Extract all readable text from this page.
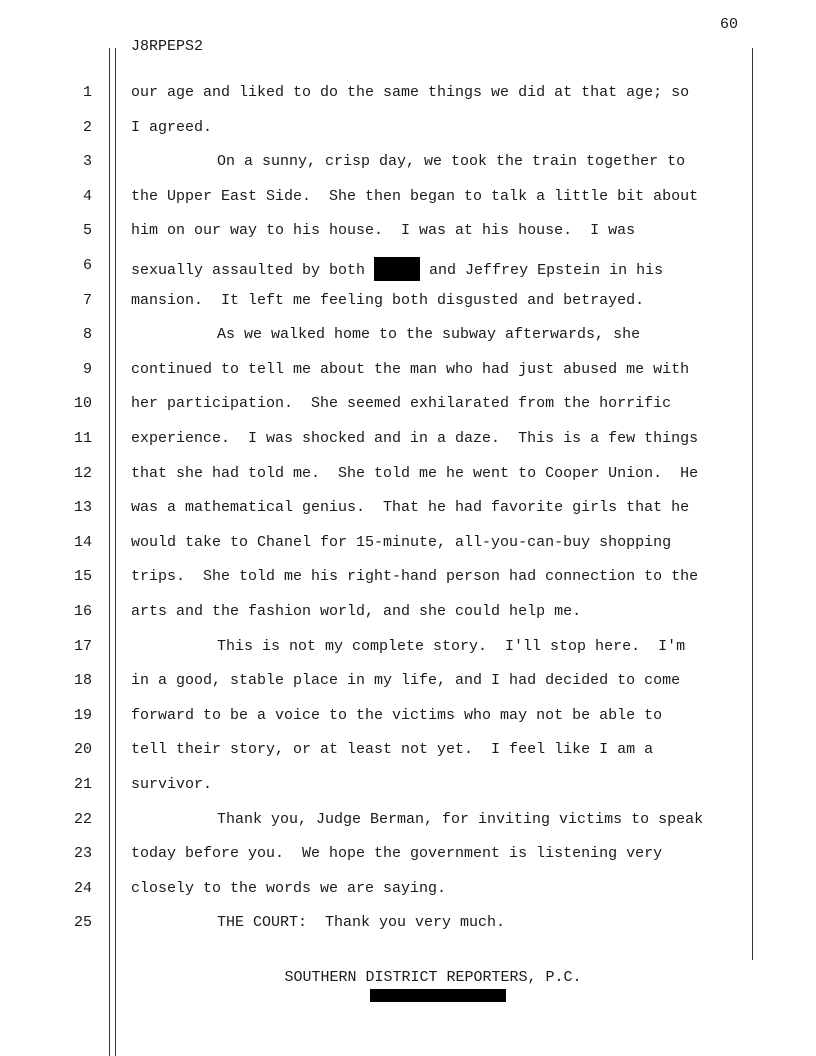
60
J8RPEPS2
1	our age and liked to do the same things we did at that age; so
2	I agreed.
3	On a sunny, crisp day, we took the train together to
4	the Upper East Side.  She then began to talk a little bit about
5	him on our way to his house.  I was at his house.  I was
6	sexually assaulted by both	and Jeffrey Epstein in his
7	mansion.  It left me feeling both disgusted and betrayed.
8	As we walked home to the subway afterwards, she
9	continued to tell me about the man who had just abused me with
10	her participation.  She seemed exhilarated from the horrific
11	experience.  I was shocked and in a daze.  This is a few things
12	that she had told me.  She told me he went to Cooper Union.  He
13	was a mathematical genius.  That he had favorite girls that he
14	would take to Chanel for 15-minute, all-you-can-buy shopping
15	trips.  She told me his right-hand person had connection to the
16	arts and the fashion world, and she could help me.
17	This is not my complete story.  I'll stop here.  I'm
18	in a good, stable place in my life, and I had decided to come
19	forward to be a voice to the victims who may not be able to
20	tell their story, or at least not yet.  I feel like I am a
21	survivor.
22	Thank you, Judge Berman, for inviting victims to speak
23	today before you.  We hope the government is listening very
24	closely to the words we are saying.
25	THE COURT:  Thank you very much.
SOUTHERN DISTRICT REPORTERS, P.C.
